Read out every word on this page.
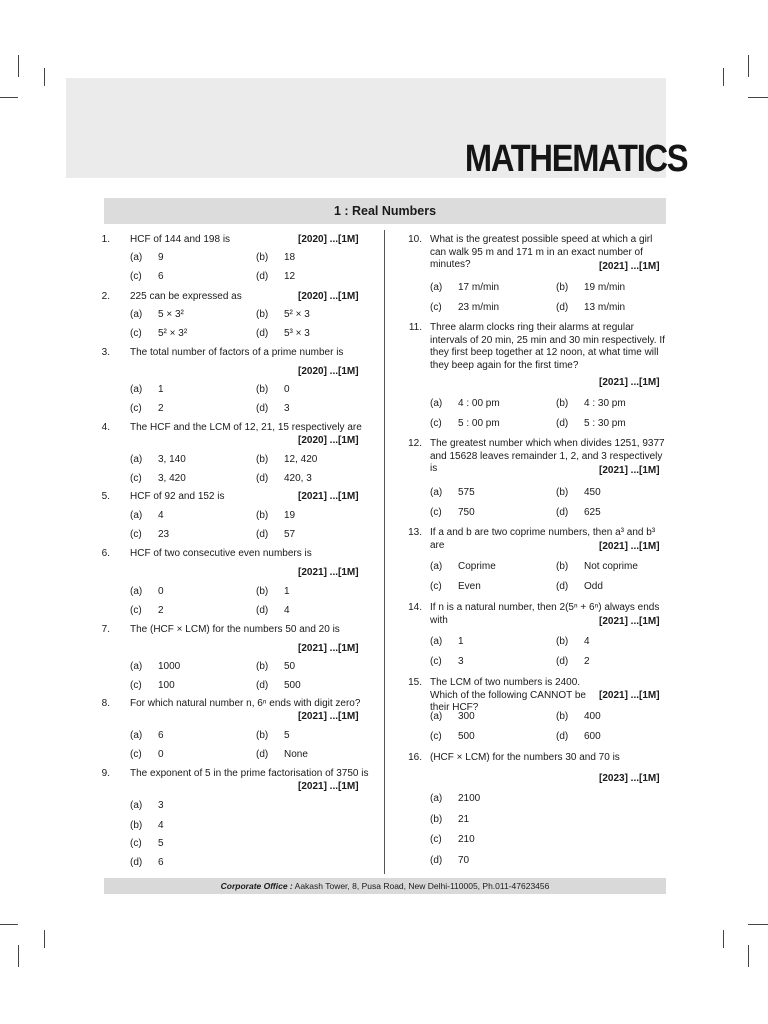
MATHEMATICS
1 : Real Numbers
1. HCF of 144 and 198 is	[2020] ...[1M]
(a) 9	(b) 18
(c) 6	(d) 12
2. 225 can be expressed as	[2020] ...[1M]
(a) 5 × 3²	(b) 5² × 3
(c) 5² × 3²	(d) 5³ × 3
3. The total number of factors of a prime number is
[2020] ...[1M]
(a) 1	(b) 0
(c) 2	(d) 3
4. The HCF and the LCM of 12, 21, 15 respectively are
[2020] ...[1M]
(a) 3, 140	(b) 12, 420
(c) 3, 420	(d) 420, 3
5. HCF of 92 and 152 is	[2021] ...[1M]
(a) 4	(b) 19
(c) 23	(d) 57
6. HCF of two consecutive even numbers is
[2021] ...[1M]
(a) 0	(b) 1
(c) 2	(d) 4
7. The (HCF × LCM) for the numbers 50 and 20 is
[2021] ...[1M]
(a) 1000	(b) 50
(c) 100	(d) 500
8. For which natural number n, 6ⁿ ends with digit zero?
[2021] ...[1M]
(a) 6	(b) 5
(c) 0	(d) None
9. The exponent of 5 in the prime factorisation of 3750 is
[2021] ...[1M]
(a) 3
(b) 4
(c) 5
(d) 6
10. What is the greatest possible speed at which a girl can walk 95 m and 171 m in an exact number of minutes?	[2021] ...[1M]
(a) 17 m/min	(b) 19 m/min
(c) 23 m/min	(d) 13 m/min
11. Three alarm clocks ring their alarms at regular intervals of 20 min, 25 min and 30 min respectively. If they first beep together at 12 noon, at what time will they beep again for the first time?
[2021] ...[1M]
(a) 4 : 00 pm	(b) 4 : 30 pm
(c) 5 : 00 pm	(d) 5 : 30 pm
12. The greatest number which when divides 1251, 9377 and 15628 leaves remainder 1, 2, and 3 respectively is	[2021] ...[1M]
(a) 575	(b) 450
(c) 750	(d) 625
13. If a and b are two coprime numbers, then a³ and b³ are	[2021] ...[1M]
(a) Coprime	(b) Not coprime
(c) Even	(d) Odd
14. If n is a natural number, then 2(5ⁿ + 6ⁿ) always ends with	[2021] ...[1M]
(a) 1	(b) 4
(c) 3	(d) 2
15. The LCM of two numbers is 2400. Which of the following CANNOT be their HCF?
[2021] ...[1M]
(a) 300	(b) 400
(c) 500	(d) 600
16. (HCF × LCM) for the numbers 30 and 70 is
[2023] ...[1M]
(a) 2100
(b) 21
(c) 210
(d) 70
Corporate Office : Aakash Tower, 8, Pusa Road, New Delhi-110005, Ph.011-47623456
